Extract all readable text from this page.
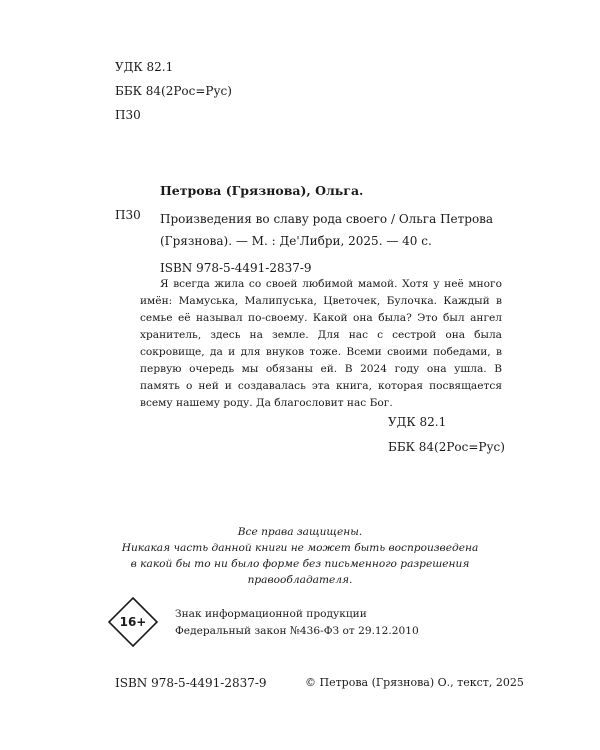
УДК 82.1
ББК 84(2Рос=Рус)
П30
Петрова (Грязнова), Ольга.
П30 Произведения во славу рода своего / Ольга Петрова
(Грязнова). — М. : Де'Либри, 2025. — 40 с.
ISBN 978-5-4491-2837-9

Я всегда жила со своей любимой мамой. Хотя у неё много имён: Мамуська, Малипуська, Цветочек, Булочка. Каждый в семье её называл по-своему. Какой она была? Это был ангел хранитель, здесь на земле. Для нас с сестрой она была сокровище, да и для внуков тоже. Всеми своими победами, в первую очередь мы обязаны ей. В 2024 году она ушла. В память о ней и создавалась эта книга, которая посвящается всему нашему роду. Да благословит нас Бог.

УДК 82.1
ББК 84(2Рос=Рус)
Все права защищены.
Никакая часть данной книги не может быть воспроизведена
в какой бы то ни было форме без письменного разрешения правообладателя.
16+
Знак информационной продукции
Федеральный закон №436-ФЗ от 29.12.2010
ISBN 978-5-4491-2837-9	© Петрова (Грязнова) О., текст, 2025
